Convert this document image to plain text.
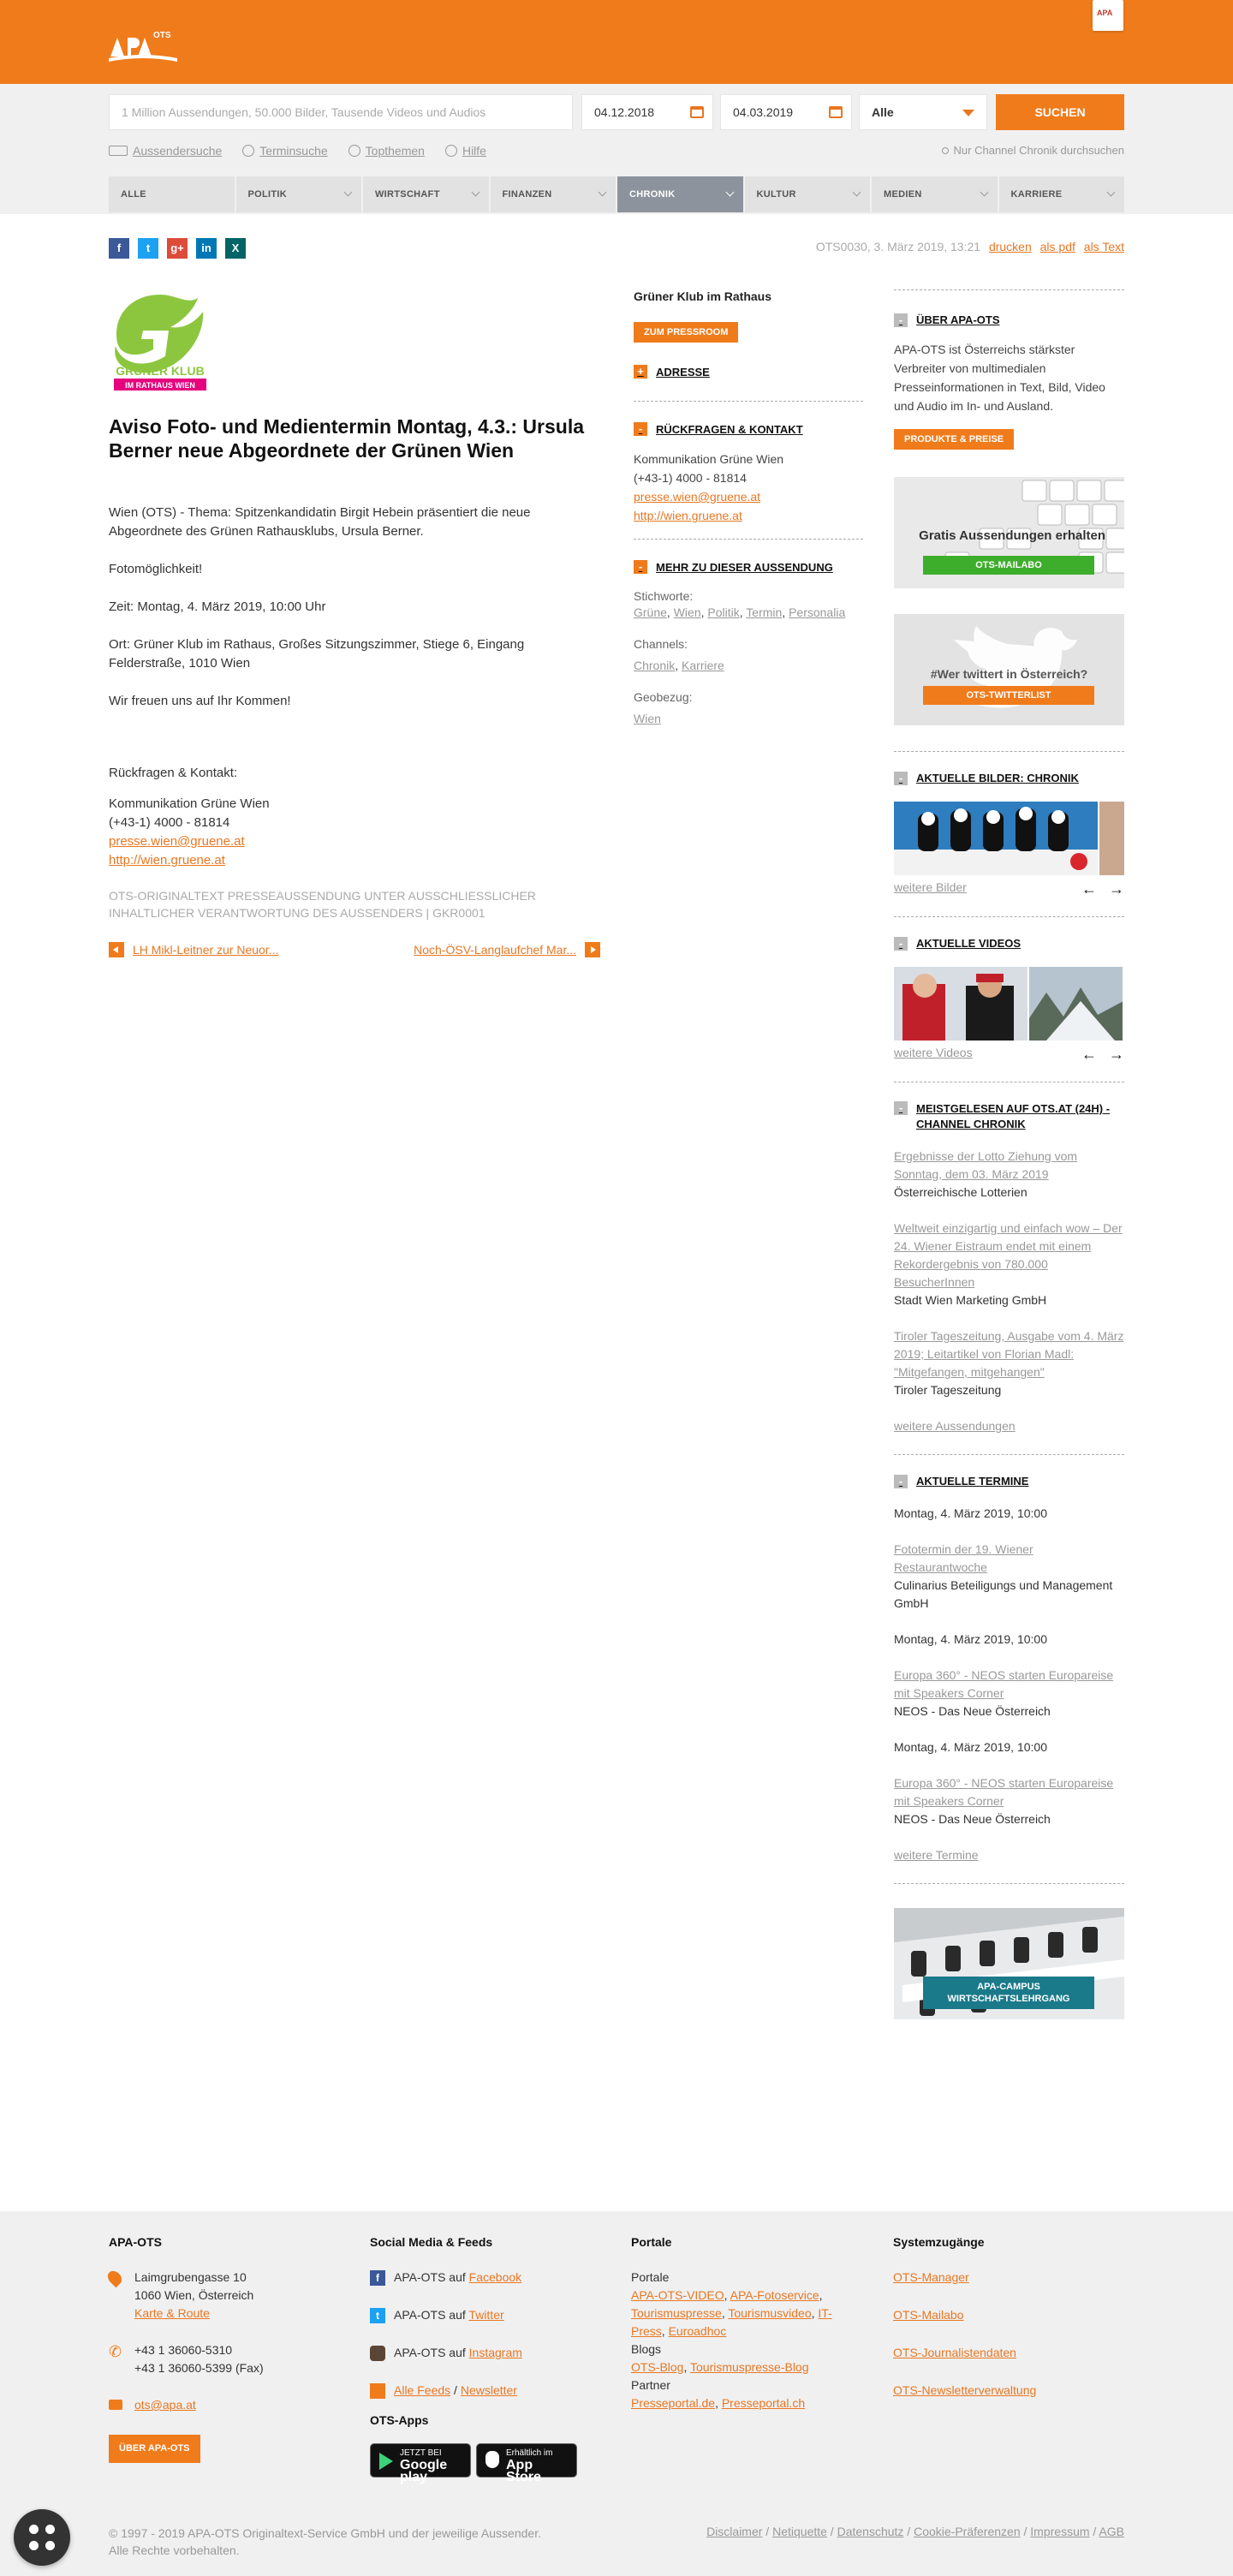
OTS
APA
1 Million Aussendungen, 50.000 Bilder, Tausende Videos und Audios	04.12.2018	04.03.2019	Alle	SUCHEN
Aussendersuche	Terminsuche	Topthemen	Hilfe	Nur Channel Chronik durchsuchen
ALLE	POLITIK	WIRTSCHAFT	FINANZEN	CHRONIK	KULTUR	MEDIEN	KARRIERE
f	t	g+	in	X	OTS0030, 3. März 2019, 13:21 drucken als pdf als Text
GRÜNER KLUB
IM RATHAUS WIEN
Aviso Foto- und Medientermin Montag, 4.3.: Ursula Berner neue Abgeordnete der Grünen Wien

Wien (OTS) - Thema: Spitzenkandidatin Birgit Hebein präsentiert die neue Abgeordnete des Grünen Rathausklubs, Ursula Berner.

Fotomöglichkeit!

Zeit: Montag, 4. März 2019, 10:00 Uhr

Ort: Grüner Klub im Rathaus, Großes Sitzungszimmer, Stiege 6, Eingang Felderstraße, 1010 Wien

Wir freuen uns auf Ihr Kommen!

Rückfragen & Kontakt:
Kommunikation Grüne Wien
(+43-1) 4000 - 81814
presse.wien@gruene.at
http://wien.gruene.at
OTS-ORIGINALTEXT PRESSEAUSSENDUNG UNTER AUSSCHLIESSLICHER INHALTLICHER VERANTWORTUNG DES AUSSENDERS | GKR0001
LH Mikl-Leitner zur Neuor...	Noch-ÖSV-Langlaufchef Mar...
Grüner Klub im Rathaus
ZUM PRESSROOM
+	ADRESSE
-	RÜCKFRAGEN & KONTAKT
Kommunikation Grüne Wien
(+43-1) 4000 - 81814
presse.wien@gruene.at
http://wien.gruene.at
-	MEHR ZU DIESER AUSSENDUNG
Stichworte:
Grüne, Wien, Politik, Termin, Personalia
Channels:
Chronik, Karriere
Geobezug:
Wien
-	ÜBER APA-OTS
APA-OTS ist Österreichs stärkster Verbreiter von multimedialen Presseinformationen in Text, Bild, Video und Audio im In- und Ausland.
PRODUKTE & PREISE
Gratis Aussendungen erhalten
OTS-MAILABO
#Wer twittert in Österreich?
OTS-TWITTERLIST
-	AKTUELLE BILDER: CHRONIK
weitere Bilder	← →
-	AKTUELLE VIDEOS
weitere Videos	← →
-	MEISTGELESEN AUF OTS.AT (24H) - CHANNEL CHRONIK
Ergebnisse der Lotto Ziehung vom Sonntag, dem 03. März 2019
Österreichische Lotterien
Weltweit einzigartig und einfach wow – Der 24. Wiener Eistraum endet mit einem Rekordergebnis von 780.000 BesucherInnen
Stadt Wien Marketing GmbH
Tiroler Tageszeitung, Ausgabe vom 4. März 2019; Leitartikel von Florian Madl: "Mitgefangen, mitgehangen"
Tiroler Tageszeitung
weitere Aussendungen
-	AKTUELLE TERMINE
Montag, 4. März 2019, 10:00
Fototermin der 19. Wiener Restaurantwoche
Culinarius Beteiligungs und Management GmbH
Montag, 4. März 2019, 10:00
Europa 360° - NEOS starten Europareise mit Speakers Corner
NEOS - Das Neue Österreich
Montag, 4. März 2019, 10:00
Europa 360° - NEOS starten Europareise mit Speakers Corner
NEOS - Das Neue Österreich
weitere Termine
APA-CAMPUS WIRTSCHAFTSLEHRGANG
APA-OTS
Laimgrubengasse 10
1060 Wien, Österreich
Karte & Route
✆ +43 1 36060-5310
+43 1 36060-5399 (Fax)
ots@apa.at
ÜBER APA-OTS
Social Media & Feeds
f APA-OTS auf Facebook
t APA-OTS auf Twitter
APA-OTS auf Instagram
Alle Feeds / Newsletter
OTS-Apps
JETZT BEI
Google play
Erhältlich im
App Store
Portale
Portale
APA-OTS-VIDEO, APA-Fotoservice, Tourismuspresse, Tourismusvideo, IT-Press, Euroadhoc
Blogs
OTS-Blog, Tourismuspresse-Blog
Partner
Presseportal.de, Presseportal.ch
Systemzugänge
OTS-Manager
OTS-Mailabo
OTS-Journalistendaten
OTS-Newsletterverwaltung
© 1997 - 2019 APA-OTS Originaltext-Service GmbH und der jeweilige Aussender.
Alle Rechte vorbehalten.
Disclaimer / Netiquette / Datenschutz / Cookie-Präferenzen / Impressum / AGB
